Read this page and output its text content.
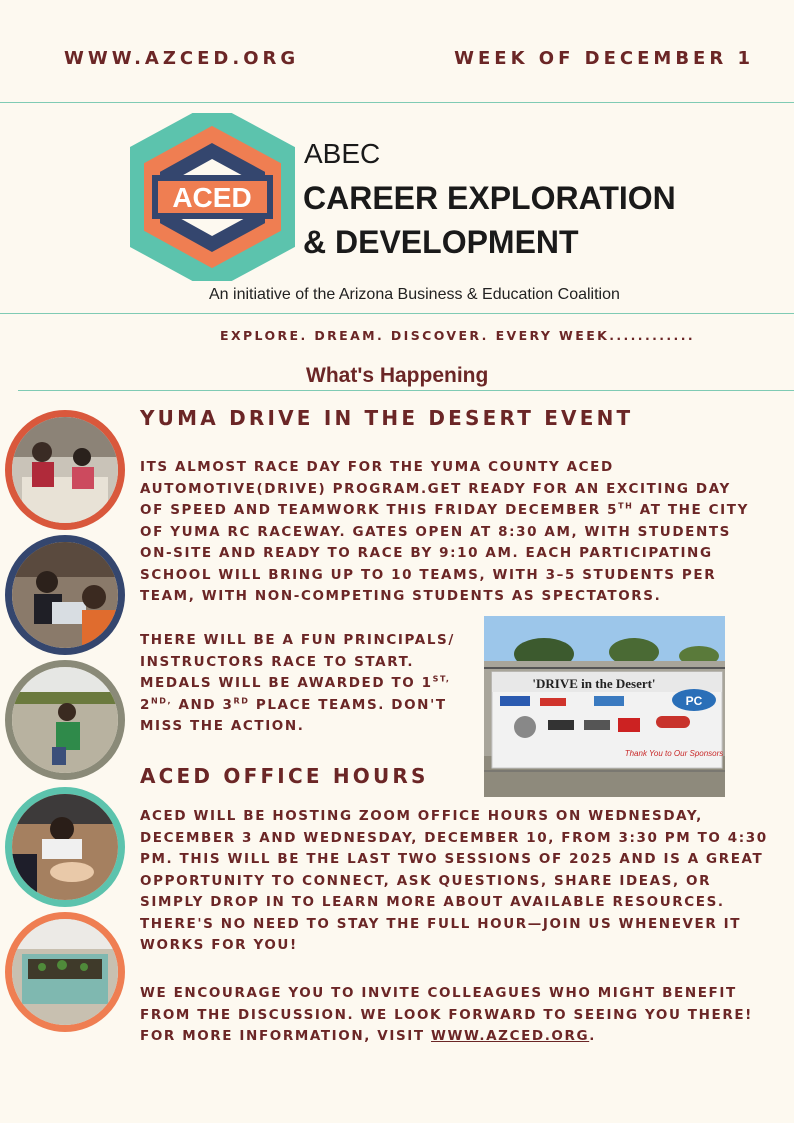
WWW.AZCED.ORG	WEEK OF DECEMBER 1
ACED
ABEC
CAREER EXPLORATION
& DEVELOPMENT
An initiative of the Arizona Business & Education Coalition
EXPLORE. DREAM. DISCOVER. EVERY WEEK............
What's Happening
YUMA DRIVE IN THE DESERT EVENT
ITS ALMOST RACE DAY FOR THE YUMA COUNTY ACED AUTOMOTIVE(DRIVE) PROGRAM.GET READY FOR AN EXCITING DAY OF SPEED AND TEAMWORK THIS FRIDAY DECEMBER 5TH AT THE CITY OF YUMA RC RACEWAY. GATES OPEN AT 8:30 AM, WITH STUDENTS ON-SITE AND READY TO RACE BY 9:10 AM. EACH PARTICIPATING SCHOOL WILL BRING UP TO 10 TEAMS, WITH 3–5 STUDENTS PER TEAM, WITH NON-COMPETING STUDENTS AS SPECTATORS.
THERE WILL BE A FUN PRINCIPALS/ INSTRUCTORS RACE TO START. MEDALS WILL BE AWARDED TO $1^{ST,}$ $2^{ND,}$ AND 3RD PLACE TEAMS. DON'T MISS THE ACTION.
'DRIVE in the Desert'
PC
Thank You to Our Sponsors
ACED OFFICE HOURS
ACED WILL BE HOSTING ZOOM OFFICE HOURS ON WEDNESDAY, DECEMBER 3 AND WEDNESDAY, DECEMBER 10, FROM 3:30 PM TO 4:30 PM. THIS WILL BE THE LAST TWO SESSIONS OF 2025 AND IS A GREAT OPPORTUNITY TO CONNECT, ASK QUESTIONS, SHARE IDEAS, OR SIMPLY DROP IN TO LEARN MORE ABOUT AVAILABLE RESOURCES. THERE'S NO NEED TO STAY THE FULL HOUR—JOIN US WHENEVER IT WORKS FOR YOU!
WE ENCOURAGE YOU TO INVITE COLLEAGUES WHO MIGHT BENEFIT FROM THE DISCUSSION. WE LOOK FORWARD TO SEEING YOU THERE! FOR MORE INFORMATION, VISIT WWW.AZCED.ORG.
